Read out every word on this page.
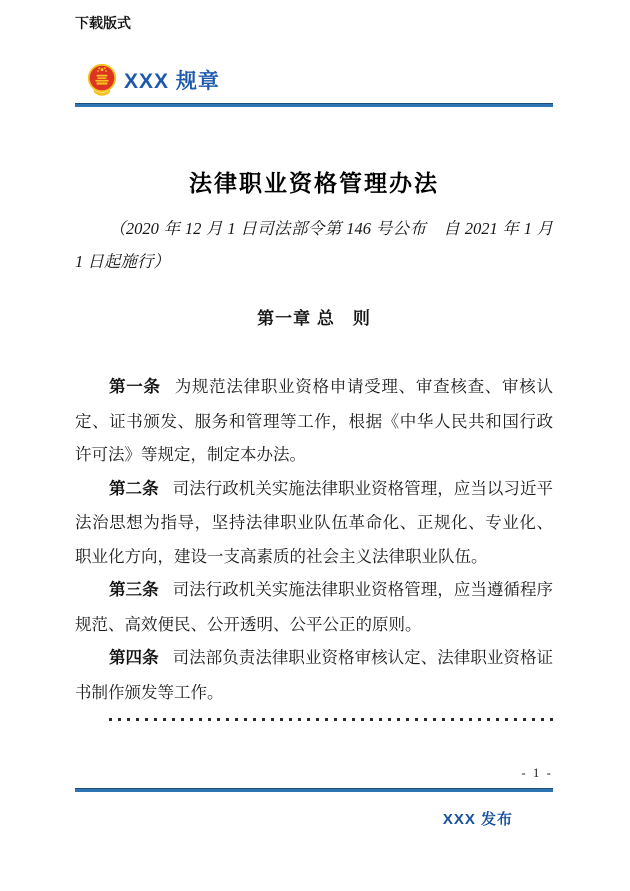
下载版式
XXX 规章
法律职业资格管理办法

（2020 年 12 月 1 日司法部令第 146 号公布　自 2021 年 1 月 1 日起施行）

第一章 总　则

第一条 为规范法律职业资格申请受理、审查核查、审核认定、证书颁发、服务和管理等工作，根据《中华人民共和国行政许可法》等规定，制定本办法。

第二条 司法行政机关实施法律职业资格管理，应当以习近平法治思想为指导，坚持法律职业队伍革命化、正规化、专业化、职业化方向，建设一支高素质的社会主义法律职业队伍。

第三条 司法行政机关实施法律职业资格管理，应当遵循程序规范、高效便民、公开透明、公平公正的原则。

第四条 司法部负责法律职业资格审核认定、法律职业资格证书制作颁发等工作。

- 1 -
XXX 发布
